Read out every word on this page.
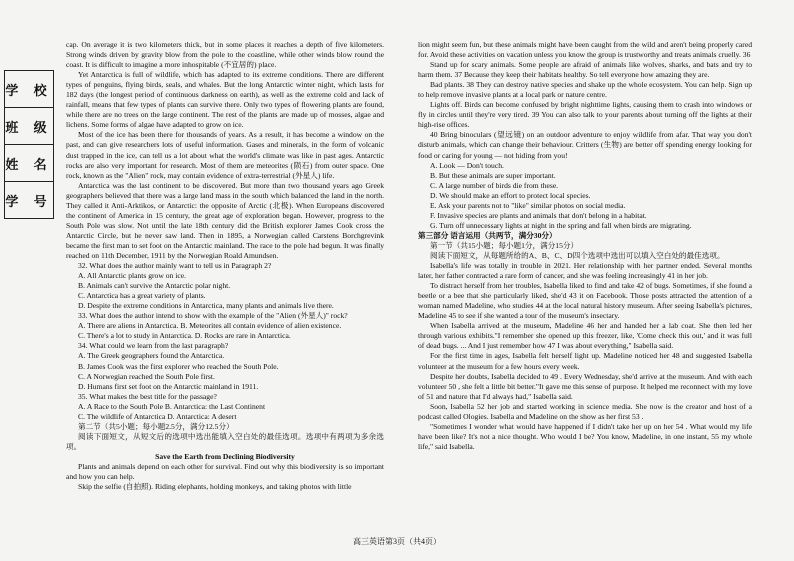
学 校
班 级
姓 名
学 号

cap. On average it is two kilometers thick, but in some places it reaches a depth of five kilometers. Strong winds driven by gravity blow from the pole to the coastline, while other winds blow round the coast. It is difficult to imagine a more inhospitable (不宜居的) place.

Yet Antarctica is full of wildlife, which has adapted to its extreme conditions. There are different types of penguins, flying birds, seals, and whales. But the long Antarctic winter night, which lasts for 182 days (the longest period of continuous darkness on earth), as well as the extreme cold and lack of rainfall, means that few types of plants can survive there. Only two types of flowering plants are found, while there are no trees on the large continent. The rest of the plants are made up of mosses, algae and lichens. Some forms of algae have adapted to grow on ice.

Most of the ice has been there for thousands of years. As a result, it has become a window on the past, and can give researchers lots of useful information. Gases and minerals, in the form of volcanic dust trapped in the ice, can tell us a lot about what the world's climate was like in past ages. Antarctic rocks are also very important for research. Most of them are meteorites (陨石) from outer space. One rock, known as the "Alien" rock, may contain evidence of extra-terrestrial (外星人) life.

Antarctica was the last continent to be discovered. But more than two thousand years ago Greek geographers believed that there was a large land mass in the south which balanced the land in the north. They called it Anti-Arktikos, or Antarctic: the opposite of Arctic (北极). When Europeans discovered the continent of America in 15 century, the great age of exploration began. However, progress to the South Pole was slow. Not until the late 18th century did the British explorer James Cook cross the Antarctic Circle, but he never saw land. Then in 1895, a Norwegian called Carstens Borchgrevink became the first man to set foot on the Antarctic mainland. The race to the pole had begun. It was finally reached on 11th December, 1911 by the Norwegian Roald Amundsen.

32. What does the author mainly want to tell us in Paragraph 2?

A. All Antarctic plants grow on ice.

B. Animals can't survive the Antarctic polar night.

C. Antarctica has a great variety of plants.

D. Despite the extreme conditions in Antarctica, many plants and animals live there.

33. What does the author intend to show with the example of the "Alien (外星人)" rock?

A. There are aliens in Antarctica. B. Meteorites all contain evidence of alien existence.

C. There's a lot to study in Antarctica. D. Rocks are rare in Antarctica.

34. What could we learn from the last paragraph?

A. The Greek geographers found the Antarctica.

B. James Cook was the first explorer who reached the South Pole.

C. A Norwegian reached the South Pole first.

D. Humans first set foot on the Antarctic mainland in 1911.

35. What makes the best title for the passage?

A. A Race to the South Pole B. Antarctica: the Last Continent

C. The wildlife of Antarctica D. Antarctica: A desert

第二节（共5小题；每小题2.5分，满分12.5分）

阅读下面短文，从短文后的选项中选出能填入空白处的最佳选项。选项中有两项为多余选项。

Save the Earth from Declining Biodiversity

Plants and animals depend on each other for survival. Find out why this biodiversity is so important and how you can help.

Skip the selfie (自拍照). Riding elephants, holding monkeys, and taking photos with little

lion might seem fun, but these animals might have been caught from the wild and aren't being properly cared for. Avoid these activities on vacation unless you know the group is trustworthy and treats animals cruelly. 36

Stand up for scary animals. Some people are afraid of animals like wolves, sharks, and bats and try to harm them. 37 Because they keep their habitats healthy. So tell everyone how amazing they are.

Bad plants. 38 They can destroy native species and shake up the whole ecosystem. You can help. Sign up to help remove invasive plants at a local park or nature centre.

Lights off. Birds can become confused by bright nighttime lights, causing them to crash into windows or fly in circles until they're very tired. 39 You can also talk to your parents about turning off the lights at their high-rise offices.

40 Bring binoculars (望远镜) on an outdoor adventure to enjoy wildlife from afar. That way you don't disturb animals, which can change their behaviour. Critters (生物) are better off spending energy looking for food or caring for young — not hiding from you!

A. Look — Don't touch.

B. But these animals are super important.

C. A large number of birds die from these.

D. We should make an effort to protect local species.

E. Ask your parents not to "like" similar photos on social media.

F. Invasive species are plants and animals that don't belong in a habitat.

G. Turn off unnecessary lights at night in the spring and fall when birds are migrating.

第三部分 语言运用（共两节，满分30分）

第一节（共15小题；每小题1分，满分15分）

阅读下面短文，从每题所给的A、B、C、D四个选项中选出可以填入空白处的最佳选项。

Isabella's life was totally in trouble in 2021. Her relationship with her partner ended. Several months later, her father contracted a rare form of cancer, and she was feeling increasingly 41 in her job.

To distract herself from her troubles, Isabella liked to find and take 42 of bugs. Sometimes, if she found a beetle or a bee that she particularly liked, she'd 43 it on Facebook. Those posts attracted the attention of a woman named Madeline, who studies 44 at the local natural history museum. After seeing Isabella's pictures, Madeline 45 to see if she wanted a tour of the museum's insectary.

When Isabella arrived at the museum, Madeline 46 her and handed her a lab coat. She then led her through various exhibits."I remember she opened up this freezer, like, 'Come check this out,' and it was full of dead bugs. ... And I just remember how 47 I was about everything," Isabella said.

For the first time in ages, Isabella felt herself light up. Madeline noticed her 48 and suggested Isabella volunteer at the museum for a few hours every week.

Despite her doubts, Isabella decided to 49 . Every Wednesday, she'd arrive at the museum. And with each volunteer 50 , she felt a little bit better."It gave me this sense of purpose. It helped me reconnect with my love of 51 and nature that I'd always had," Isabella said.

Soon, Isabella 52 her job and started working in science media. She now is the creator and host of a podcast called Ologies. Isabella and Madeline on the show as her first 53 .

"Sometimes I wonder what would have happened if I didn't take her up on her 54 . What would my life have been like? It's not a nice thought. Who would I be? You know, Madeline, in one instant, 55 my whole life," said Isabella.

高三英语第3页（共4页）
